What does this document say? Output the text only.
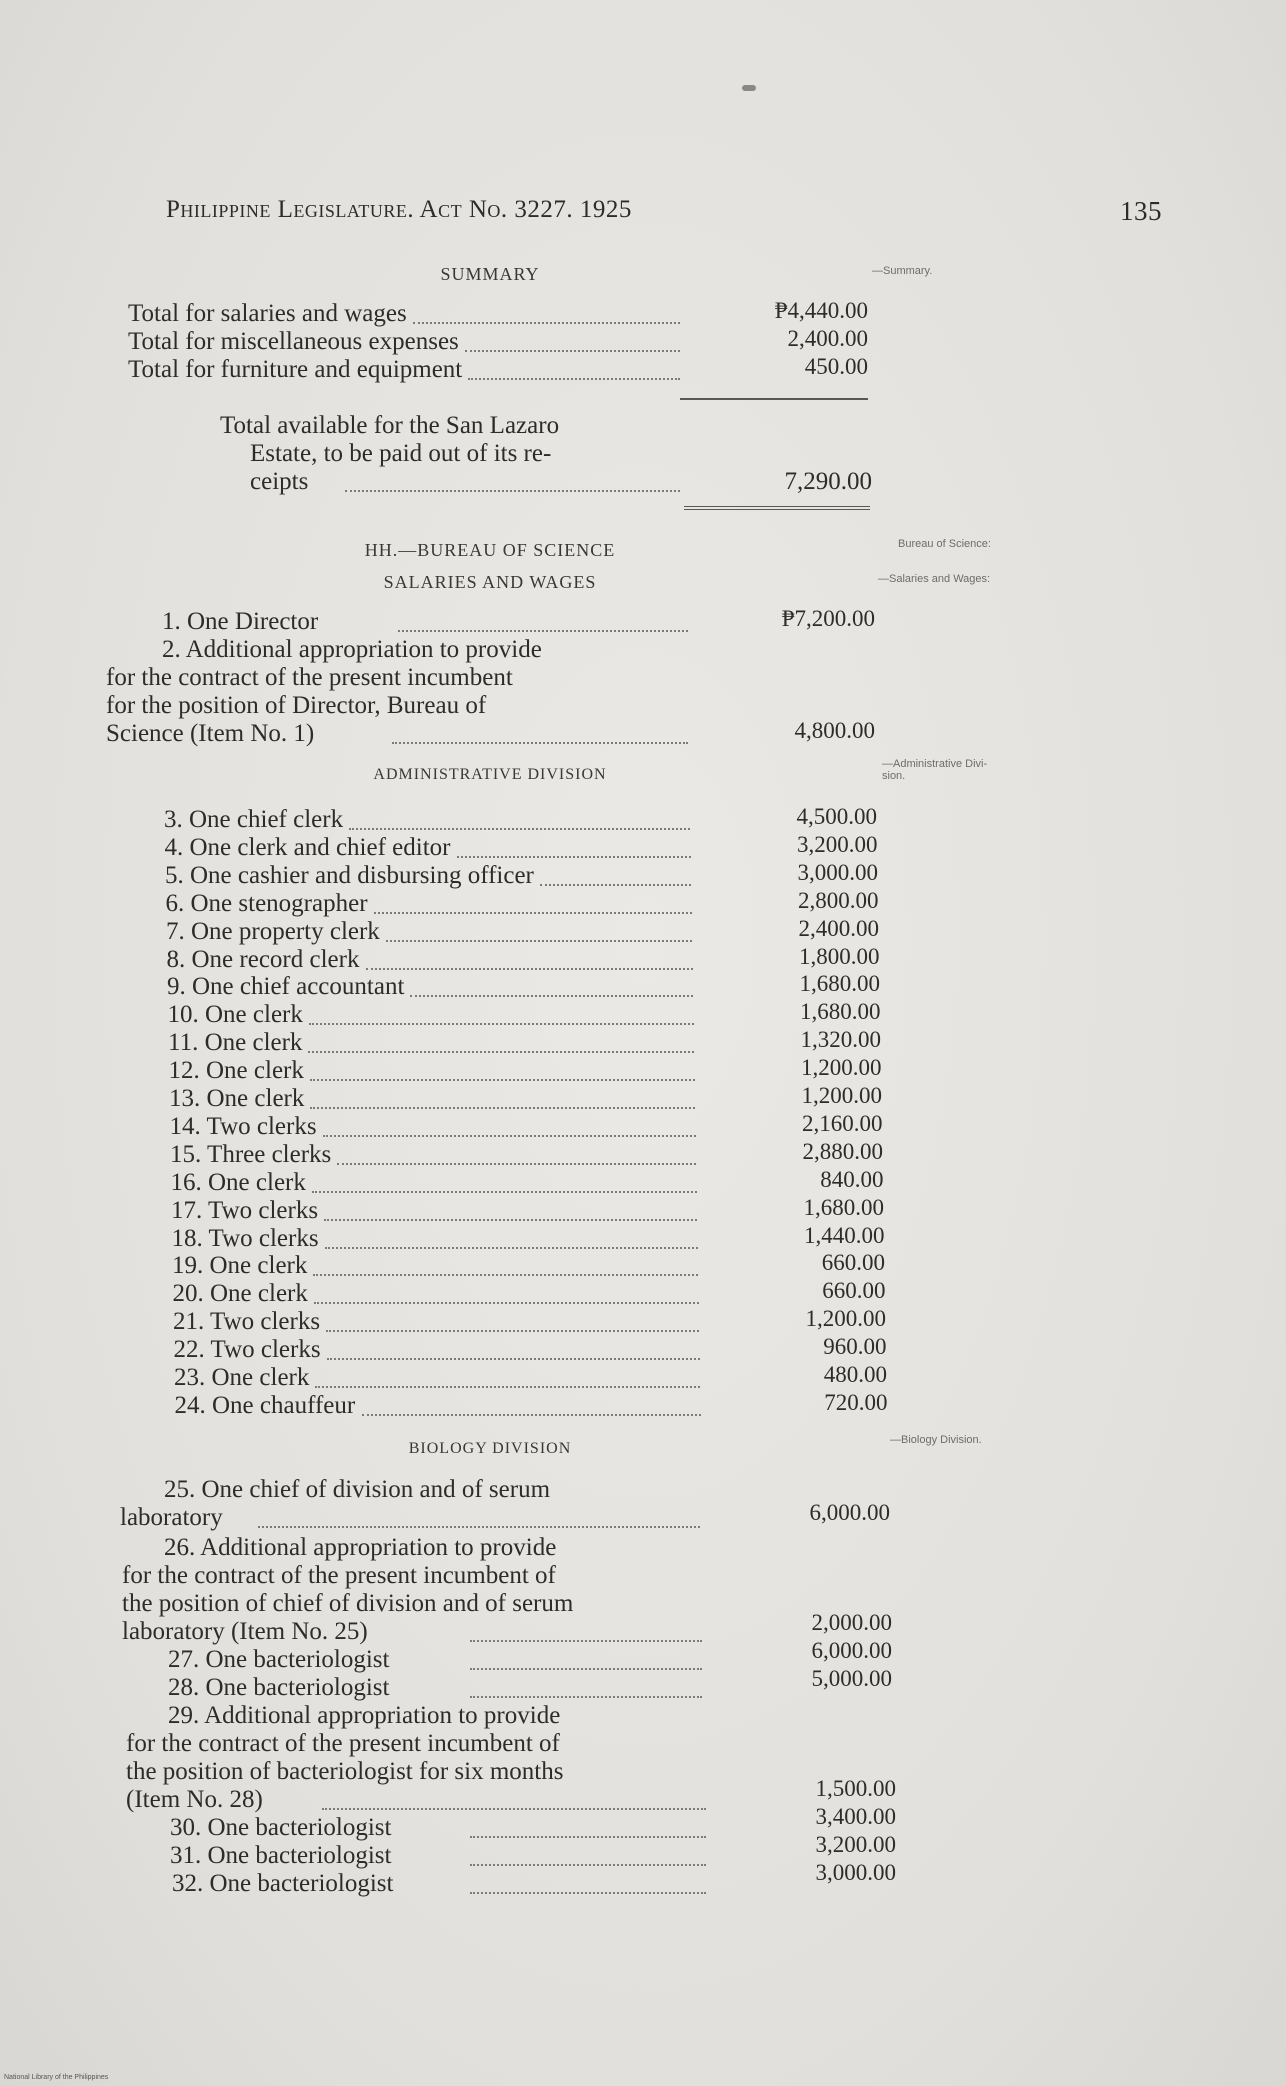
Philippine Legislature. Act No. 3227. 1925	135
SUMMARY	—Summary.
Total for salaries and wages	₱4,440.00
Total for miscellaneous expenses	2,400.00
Total for furniture and equipment	450.00
Total available for the San Lazaro
Estate, to be paid out of its re-
ceipts	7,290.00
HH.—BUREAU OF SCIENCE
SALARIES AND WAGES
Bureau of Science:
—Salaries and Wages:
1. One Director	₱7,200.00
2. Additional appropriation to provide
for the contract of the present incumbent
for the position of Director, Bureau of
Science (Item No. 1)	4,800.00
ADMINISTRATIVE DIVISION
—Administrative Divi-
sion.
3. One chief clerk	4,500.00
4. One clerk and chief editor	3,200.00
5. One cashier and disbursing officer	3,000.00
6. One stenographer	2,800.00
7. One property clerk	2,400.00
8. One record clerk	1,800.00
9. One chief accountant	1,680.00
10. One clerk	1,680.00
11. One clerk	1,320.00
12. One clerk	1,200.00
13. One clerk	1,200.00
14. Two clerks	2,160.00
15. Three clerks	2,880.00
16. One clerk	840.00
17. Two clerks	1,680.00
18. Two clerks	1,440.00
19. One clerk	660.00
20. One clerk	660.00
21. Two clerks	1,200.00
22. Two clerks	960.00
23. One clerk	480.00
24. One chauffeur	720.00
BIOLOGY DIVISION	—Biology Division.
25. One chief of division and of serum
laboratory	6,000.00
26. Additional appropriation to provide
for the contract of the present incumbent of
the position of chief of division and of serum
laboratory (Item No. 25)	2,000.00
27. One bacteriologist	6,000.00
28. One bacteriologist	5,000.00
29. Additional appropriation to provide
for the contract of the present incumbent of
the position of bacteriologist for six months
(Item No. 28)	1,500.00
30. One bacteriologist	3,400.00
31. One bacteriologist	3,200.00
32. One bacteriologist	3,000.00
National Library of the Philippines
